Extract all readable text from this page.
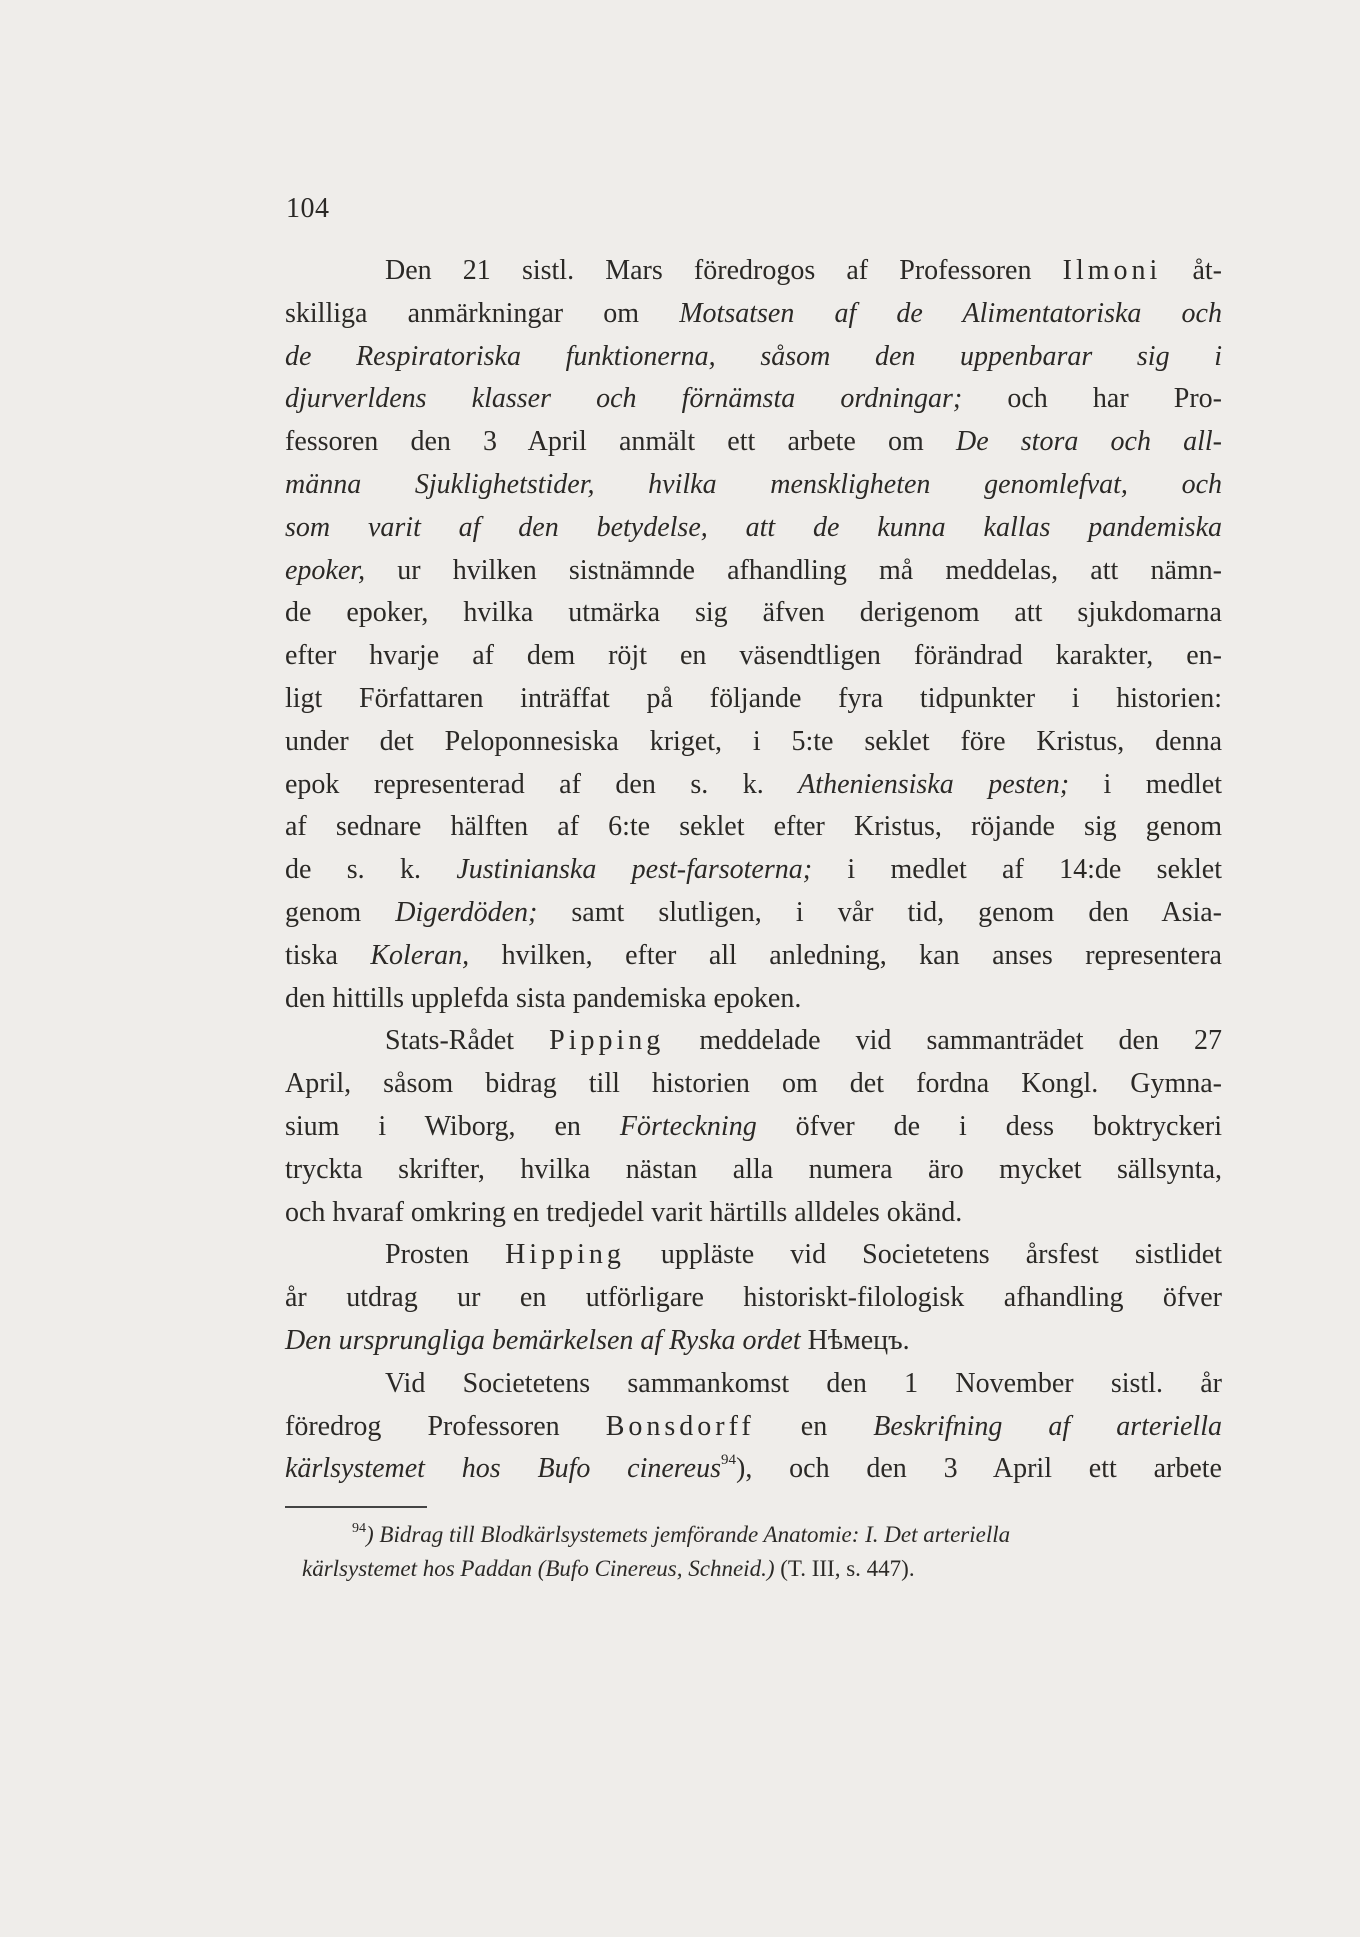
104
Den 21 sistl. Mars föredrogos af Professoren Ilmoni åt-
skilliga anmärkningar om Motsatsen af de Alimentatoriska och
de Respiratoriska funktionerna, såsom den uppenbarar sig i
djurverldens klasser och förnämsta ordningar; och har Pro-
fessoren den 3 April anmält ett arbete om De stora och all-
männa Sjuklighetstider, hvilka menskligheten genomlefvat, och
som varit af den betydelse, att de kunna kallas pandemiska
epoker, ur hvilken sistnämnde afhandling må meddelas, att nämn-
de epoker, hvilka utmärka sig äfven derigenom att sjukdomarna
efter hvarje af dem röjt en väsendtligen förändrad karakter, en-
ligt Författaren inträffat på följande fyra tidpunkter i historien:
under det Peloponnesiska kriget, i 5:te seklet före Kristus, denna
epok representerad af den s. k. Atheniensiska pesten; i medlet
af sednare hälften af 6:te seklet efter Kristus, röjande sig genom
de s. k. Justinianska pest-farsoterna; i medlet af 14:de seklet
genom Digerdöden; samt slutligen, i vår tid, genom den Asia-
tiska Koleran, hvilken, efter all anledning, kan anses representera
den hittills upplefda sista pandemiska epoken.
Stats-Rådet Pipping meddelade vid sammanträdet den 27
April, såsom bidrag till historien om det fordna Kongl. Gymna-
sium i Wiborg, en Förteckning öfver de i dess boktryckeri
tryckta skrifter, hvilka nästan alla numera äro mycket sällsynta,
och hvaraf omkring en tredjedel varit härtills alldeles okänd.
Prosten Hipping uppläste vid Societetens årsfest sistlidet
år utdrag ur en utförligare historiskt-filologisk afhandling öfver
Den ursprungliga bemärkelsen af Ryska ordet Нѣмецъ.
Vid Societetens sammankomst den 1 November sistl. år
föredrog Professoren Bonsdorff en Beskrifning af arteriella
kärlsystemet hos Bufo cinereus$^{94}$), och den 3 April ett arbete
$^{94}$) Bidrag till Blodkärlsystemets jemförande Anatomie: I. Det arteriella
kärlsystemet hos Paddan (Bufo Cinereus, Schneid.) (T. III, s. 447).
